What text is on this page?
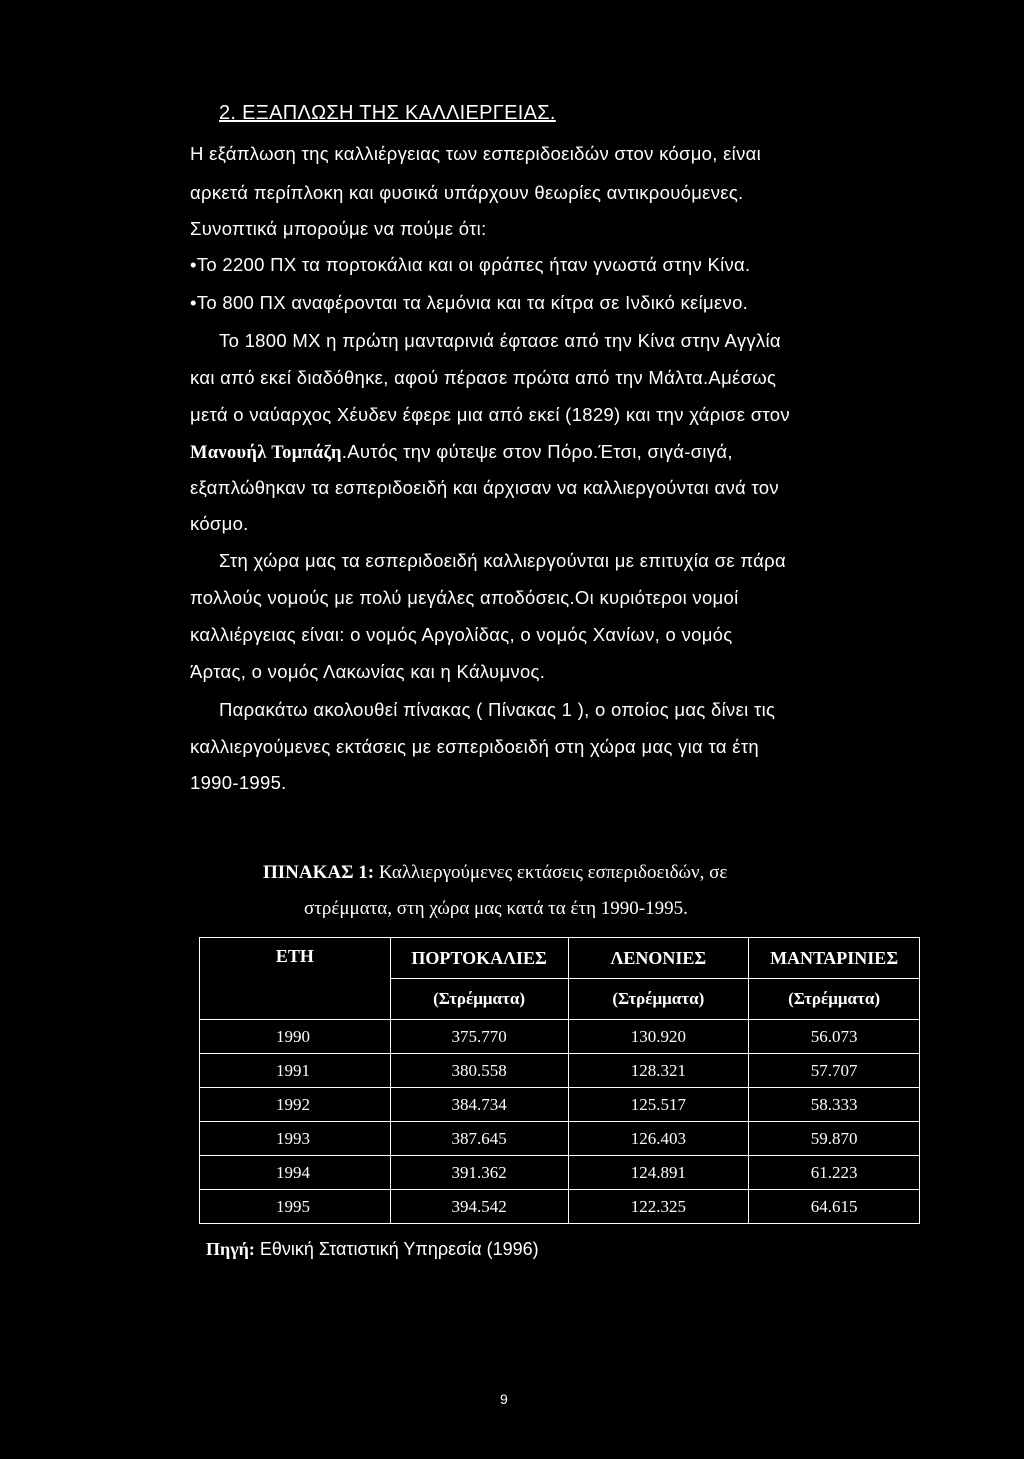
2. ΕΞΑΠΛΩΣΗ ΤΗΣ ΚΑΛΛΙΕΡΓΕΙΑΣ.
Η εξάπλωση της καλλιέργειας των εσπεριδοειδών στον κόσμο, είναι
αρκετά περίπλοκη και φυσικά υπάρχουν θεωρίες αντικρουόμενες.
Συνοπτικά μπορούμε να πούμε ότι:
•Το 2200 ΠΧ τα πορτοκάλια και οι φράπες ήταν γνωστά στην Κίνα.
•Το 800 ΠΧ αναφέρονται τα λεμόνια και τα κίτρα σε Ινδικό κείμενο.
Το 1800 ΜΧ η πρώτη μανταρινιά έφτασε από την Κίνα στην Αγγλία
και από εκεί διαδόθηκε, αφού πέρασε πρώτα από την Μάλτα.Αμέσως
μετά ο ναύαρχος Χέυδεν έφερε μια από εκεί (1829) και την χάρισε στον
Μανουήλ Τομπάζη.Αυτός την φύτεψε στον Πόρο.Έτσι, σιγά-σιγά,
εξαπλώθηκαν τα εσπεριδοειδή και άρχισαν να καλλιεργούνται ανά τον
κόσμο.
Στη χώρα μας τα εσπεριδοειδή καλλιεργούνται με επιτυχία σε πάρα
πολλούς νομούς με πολύ μεγάλες αποδόσεις.Οι κυριότεροι νομοί
καλλιέργειας είναι: ο νομός Αργολίδας, ο νομός Χανίων, ο νομός
Άρτας, ο νομός Λακωνίας και η Κάλυμνος.
Παρακάτω ακολουθεί πίνακας ( Πίνακας 1 ), ο οποίος μας δίνει τις
καλλιεργούμενες εκτάσεις με εσπεριδοειδή στη χώρα μας για τα έτη
1990-1995.
ΠΙΝΑΚΑΣ 1: Καλλιεργούμενες εκτάσεις εσπεριδοειδών, σε
στρέμματα, στη χώρα μας κατά τα έτη 1990-1995.
ΕΤΗ	ΠΟΡΤΟΚΑΛΙΕΣ	ΛΕΝΟΝΙΕΣ	ΜΑΝΤΑΡΙΝΙΕΣ
	(Στρέμματα)	(Στρέμματα)	(Στρέμματα)
1990	375.770	130.920	56.073
1991	380.558	128.321	57.707
1992	384.734	125.517	58.333
1993	387.645	126.403	59.870
1994	391.362	124.891	61.223
1995	394.542	122.325	64.615
Πηγή: Εθνική Στατιστική Υπηρεσία (1996)
9
